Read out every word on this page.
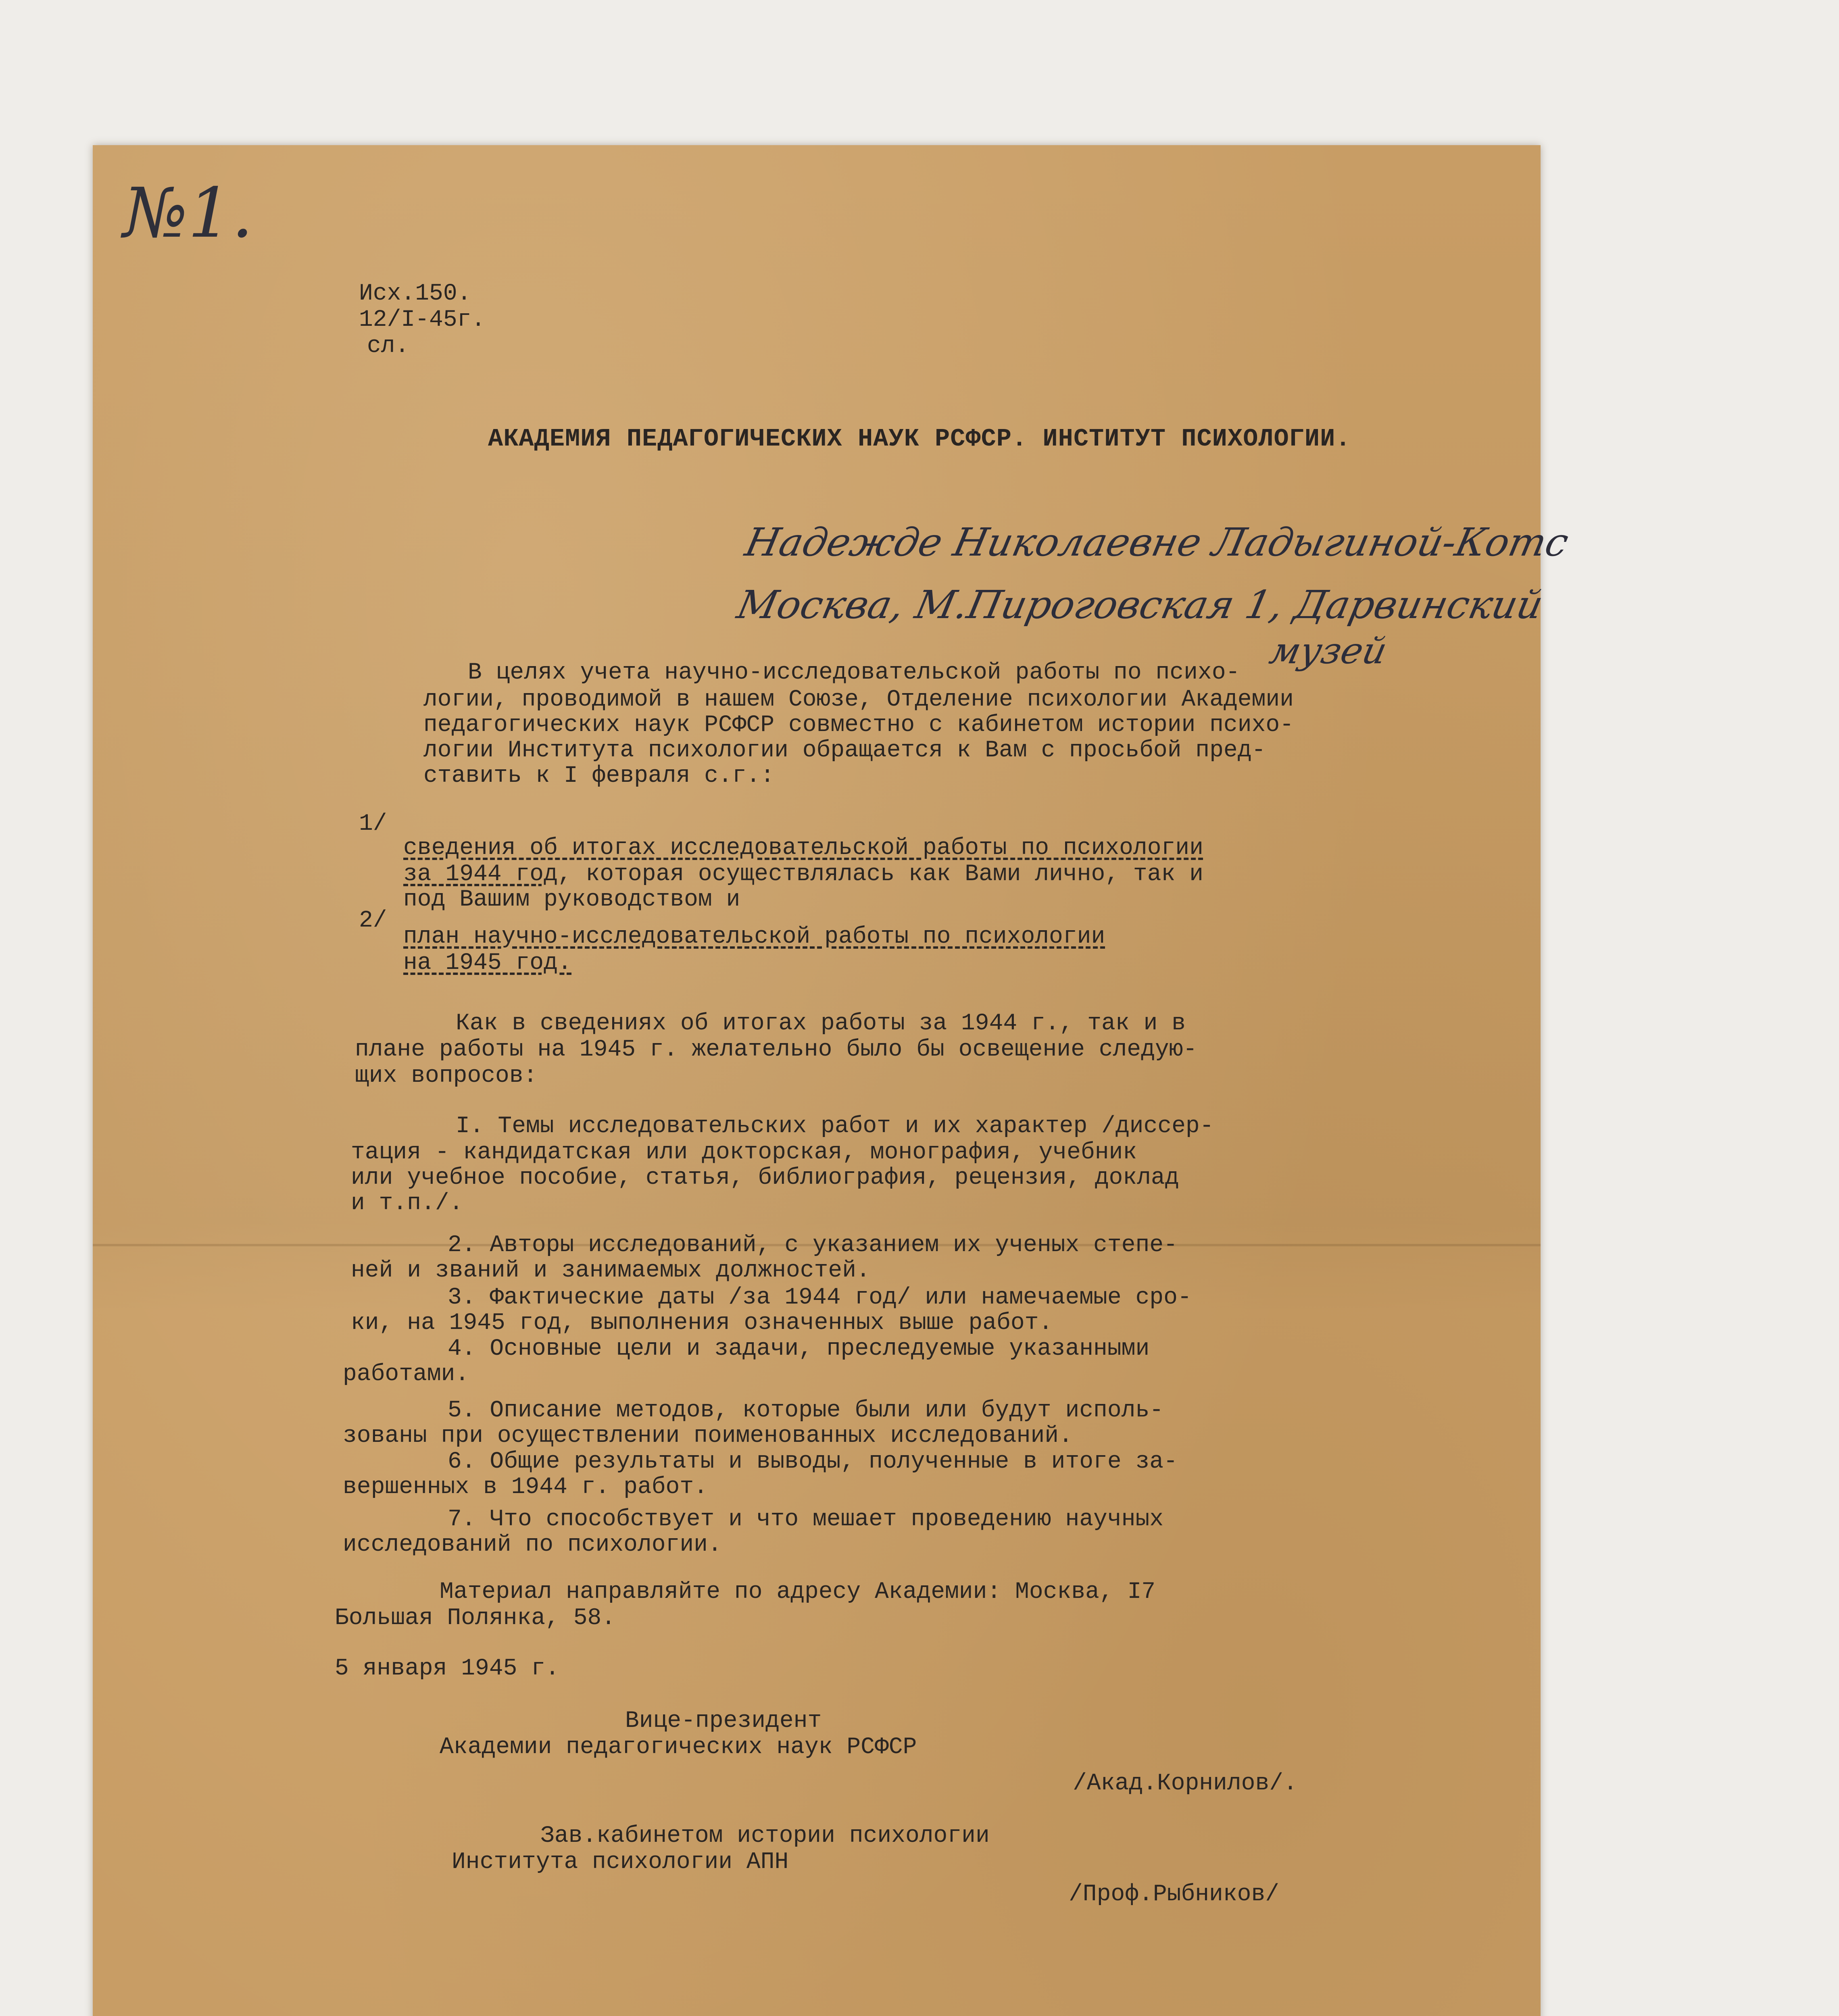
№1.
Исх.150.
12/I-45г.
сл.
АКАДЕМИЯ ПЕДАГОГИЧЕСКИХ НАУК РСФСР. ИНСТИТУТ ПСИХОЛОГИИ.
Надежде Николаевне Ладыгиной-Котс
Москва, М.Пироговская 1, Дарвинский
музей
В целях учета научно-исследовательской работы по психо-
логии, проводимой в нашем Союзе, Отделение психологии Академии
педагогических наук РСФСР совместно с кабинетом истории психо-
логии Института психологии обращается к Вам с просьбой пред-
ставить к I февраля с.г.:
1/
сведения об итогах исследовательской работы по психологии
за 1944 год, которая осуществлялась как Вами лично, так и
под Вашим руководством и
2/
план научно-исследовательской работы по психологии
на 1945 год.
Как в сведениях об итогах работы за 1944 г., так и в
плане работы на 1945 г. желательно было бы освещение следую-
щих вопросов:
I. Темы исследовательских работ и их характер /диссер-
тация - кандидатская или докторская, монография, учебник
или учебное пособие, статья, библиография, рецензия, доклад
и т.п./.
2. Авторы исследований, с указанием их ученых степе-
ней и званий и занимаемых должностей.
3. Фактические даты /за 1944 год/ или намечаемые сро-
ки, на 1945 год, выполнения означенных выше работ.
4. Основные цели и задачи, преследуемые указанными
работами.
5. Описание методов, которые были или будут исполь-
зованы при осуществлении поименованных исследований.
6. Общие результаты и выводы, полученные в итоге за-
вершенных в 1944 г. работ.
7. Что способствует и что мешает проведению научных
исследований по психологии.
Материал направляйте по адресу Академии: Москва, I7
Большая Полянка, 58.
5 января 1945 г.
Вице-президент
Академии педагогических наук РСФСР
/Акад.Корнилов/.
Зав.кабинетом истории психологии
Института психологии АПН
/Проф.Рыбников/
